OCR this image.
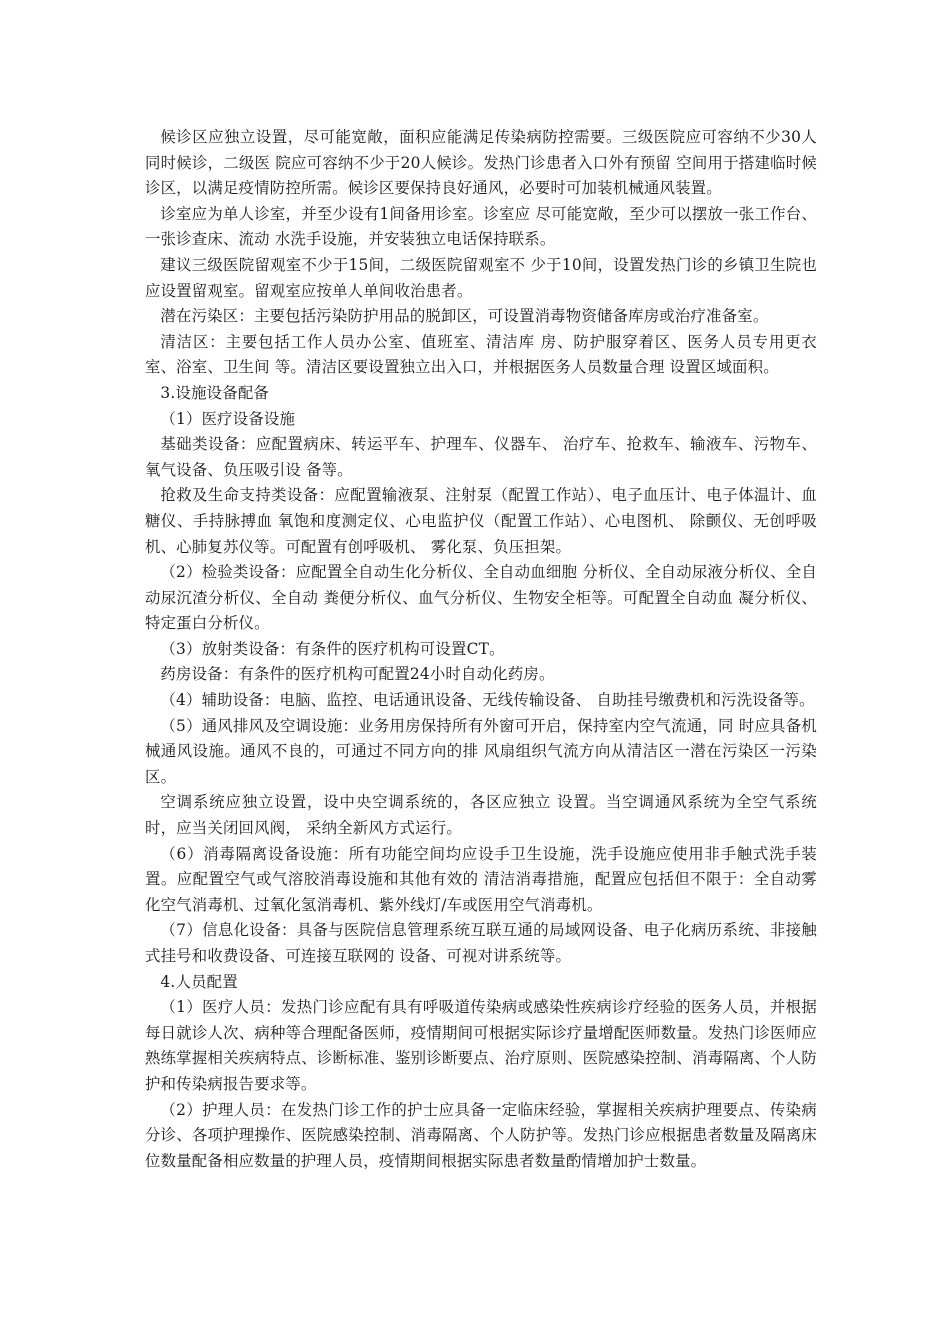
候诊区应独立设置，尽可能宽敞，面积应能满足传染病防控需要。三级医院应可容纳不少30人同时候诊，二级医 院应可容纳不少于20人候诊。发热门诊患者入口外有预留 空间用于搭建临时候诊区，以满足疫情防控所需。候诊区要保持良好通风，必要时可加装机械通风装置。

诊室应为单人诊室，并至少设有1间备用诊室。诊室应 尽可能宽敞，至少可以摆放一张工作台、一张诊查床、流动 水洗手设施，并安装独立电话保持联系。

建议三级医院留观室不少于15间，二级医院留观室不 少于10间，设置发热门诊的乡镇卫生院也应设置留观室。留观室应按单人单间收治患者。

潜在污染区：主要包括污染防护用品的脱卸区，可设置消毒物资储备库房或治疗准备室。

清洁区：主要包括工作人员办公室、值班室、清洁库 房、防护服穿着区、医务人员专用更衣室、浴室、卫生间 等。清洁区要设置独立出入口，并根据医务人员数量合理 设置区域面积。

3.设施设备配备

（1）医疗设备设施

基础类设备：应配置病床、转运平车、护理车、仪器车、 治疗车、抢救车、输液车、污物车、氧气设备、负压吸引设 备等。

抢救及生命支持类设备：应配置输液泵、注射泵（配置工作站）、电子血压计、电子体温计、血糖仪、手持脉搏血 氧饱和度测定仪、心电监护仪（配置工作站）、心电图机、 除颤仪、无创呼吸机、心肺复苏仪等。可配置有创呼吸机、 雾化泵、负压担架。

（2）检验类设备：应配置全自动生化分析仪、全自动血细胞 分析仪、全自动尿液分析仪、全自动尿沉渣分析仪、全自动 粪便分析仪、血气分析仪、生物安全柜等。可配置全自动血 凝分析仪、特定蛋白分析仪。

（3）放射类设备：有条件的医疗机构可设置CT。

药房设备：有条件的医疗机构可配置24小时自动化药房。

（4）辅助设备：电脑、监控、电话通讯设备、无线传输设备、 自助挂号缴费机和污洗设备等。

（5）通风排风及空调设施：业务用房保持所有外窗可开启，保持室内空气流通，同 时应具备机械通风设施。通风不良的，可通过不同方向的排 风扇组织气流方向从清洁区一潜在污染区一污染区。

空调系统应独立设置，设中央空调系统的，各区应独立 设置。当空调通风系统为全空气系统时，应当关闭回风阀， 采纳全新风方式运行。

（6）消毒隔离设备设施：所有功能空间均应设手卫生设施，洗手设施应使用非手触式洗手装置。应配置空气或气溶胶消毒设施和其他有效的 清洁消毒措施，配置应包括但不限于：全自动雾化空气消毒机、过氧化氢消毒机、紫外线灯/车或医用空气消毒机。

（7）信息化设备：具备与医院信息管理系统互联互通的局域网设备、电子化病历系统、非接触式挂号和收费设备、可连接互联网的 设备、可视对讲系统等。

4.人员配置

（1）医疗人员：发热门诊应配有具有呼吸道传染病或感染性疾病诊疗经验的医务人员，并根据每日就诊人次、病种等合理配备医师，疫情期间可根据实际诊疗量增配医师数量。发热门诊医师应熟练掌握相关疾病特点、诊断标准、鉴别诊断要点、治疗原则、医院感染控制、消毒隔离、个人防护和传染病报告要求等。

（2）护理人员：在发热门诊工作的护士应具备一定临床经验，掌握相关疾病护理要点、传染病分诊、各项护理操作、医院感染控制、消毒隔离、个人防护等。发热门诊应根据患者数量及隔离床位数量配备相应数量的护理人员，疫情期间根据实际患者数量酌情增加护士数量。
